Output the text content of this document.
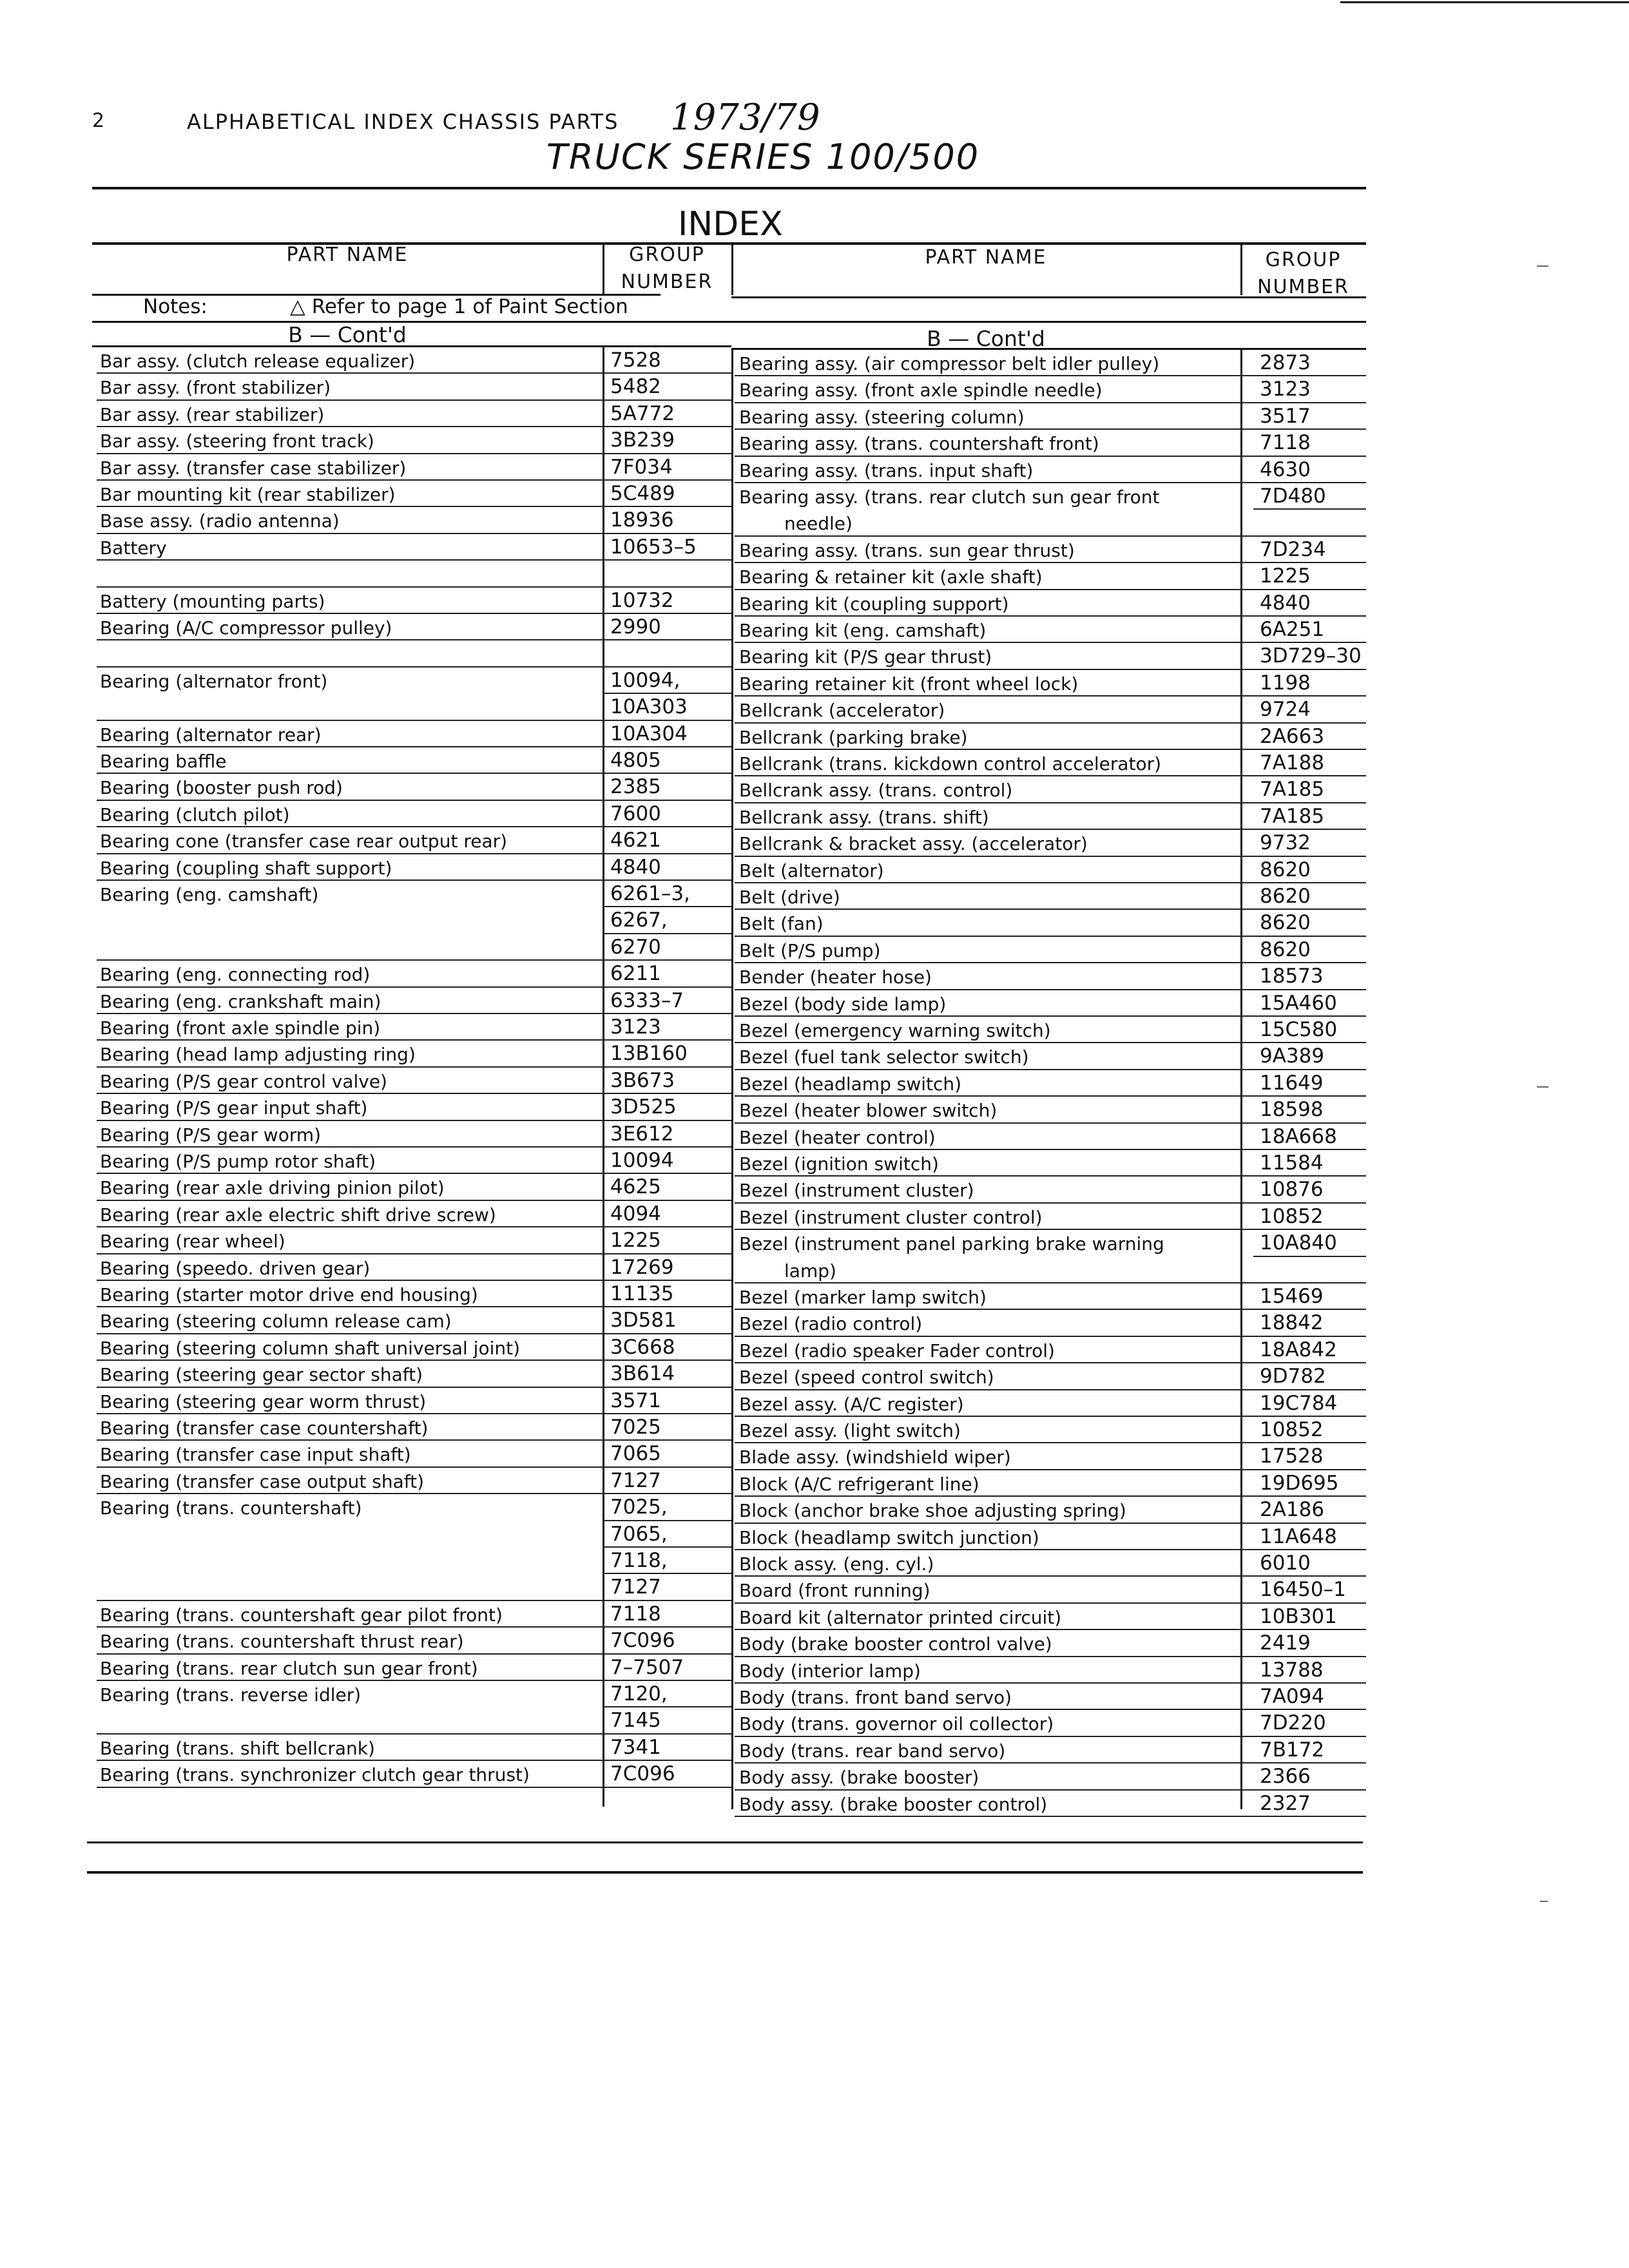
2	ALPHABETICAL INDEX CHASSIS PARTS 1973/79
TRUCK SERIES 100/500
INDEX
PART NAME	GROUP
NUMBER
PART NAME	GROUP
NUMBER
Notes:	△ Refer to page 1 of Paint Section
B — Cont'd	B — Cont'd
Bar assy. (clutch release equalizer)	7528
Bar assy. (front stabilizer)	5482
Bar assy. (rear stabilizer)	5A772
Bar assy. (steering front track)	3B239
Bar assy. (transfer case stabilizer)	7F034
Bar mounting kit (rear stabilizer)	5C489
Base assy. (radio antenna)	18936
Battery	10653–5
Battery (mounting parts)	10732
Bearing (A/C compressor pulley)	2990
Bearing (alternator front)	10094,
10A303
Bearing (alternator rear)	10A304
Bearing baffle	4805
Bearing (booster push rod)	2385
Bearing (clutch pilot)	7600
Bearing cone (transfer case rear output rear)	4621
Bearing (coupling shaft support)	4840
Bearing (eng. camshaft)	6261–3,
6267,
6270
Bearing (eng. connecting rod)	6211
Bearing (eng. crankshaft main)	6333–7
Bearing (front axle spindle pin)	3123
Bearing (head lamp adjusting ring)	13B160
Bearing (P/S gear control valve)	3B673
Bearing (P/S gear input shaft)	3D525
Bearing (P/S gear worm)	3E612
Bearing (P/S pump rotor shaft)	10094
Bearing (rear axle driving pinion pilot)	4625
Bearing (rear axle electric shift drive screw)	4094
Bearing (rear wheel)	1225
Bearing (speedo. driven gear)	17269
Bearing (starter motor drive end housing)	11135
Bearing (steering column release cam)	3D581
Bearing (steering column shaft universal joint)	3C668
Bearing (steering gear sector shaft)	3B614
Bearing (steering gear worm thrust)	3571
Bearing (transfer case countershaft)	7025
Bearing (transfer case input shaft)	7065
Bearing (transfer case output shaft)	7127
Bearing (trans. countershaft)	7025,
7065,
7118,
7127
Bearing (trans. countershaft gear pilot front)	7118
Bearing (trans. countershaft thrust rear)	7C096
Bearing (trans. rear clutch sun gear front)	7–7507
Bearing (trans. reverse idler)	7120,
7145
Bearing (trans. shift bellcrank)	7341
Bearing (trans. synchronizer clutch gear thrust)	7C096
Bearing assy. (air compressor belt idler pulley)	2873
Bearing assy. (front axle spindle needle)	3123
Bearing assy. (steering column)	3517
Bearing assy. (trans. countershaft front)	7118
Bearing assy. (trans. input shaft)	4630
Bearing assy. (trans. rear clutch sun gear front	7D480
needle)
Bearing assy. (trans. sun gear thrust)	7D234
Bearing & retainer kit (axle shaft)	1225
Bearing kit (coupling support)	4840
Bearing kit (eng. camshaft)	6A251
Bearing kit (P/S gear thrust)	3D729–30
Bearing retainer kit (front wheel lock)	1198
Bellcrank (accelerator)	9724
Bellcrank (parking brake)	2A663
Bellcrank (trans. kickdown control accelerator)	7A188
Bellcrank assy. (trans. control)	7A185
Bellcrank assy. (trans. shift)	7A185
Bellcrank & bracket assy. (accelerator)	9732
Belt (alternator)	8620
Belt (drive)	8620
Belt (fan)	8620
Belt (P/S pump)	8620
Bender (heater hose)	18573
Bezel (body side lamp)	15A460
Bezel (emergency warning switch)	15C580
Bezel (fuel tank selector switch)	9A389
Bezel (headlamp switch)	11649
Bezel (heater blower switch)	18598
Bezel (heater control)	18A668
Bezel (ignition switch)	11584
Bezel (instrument cluster)	10876
Bezel (instrument cluster control)	10852
Bezel (instrument panel parking brake warning	10A840
lamp)
Bezel (marker lamp switch)	15469
Bezel (radio control)	18842
Bezel (radio speaker Fader control)	18A842
Bezel (speed control switch)	9D782
Bezel assy. (A/C register)	19C784
Bezel assy. (light switch)	10852
Blade assy. (windshield wiper)	17528
Block (A/C refrigerant line)	19D695
Block (anchor brake shoe adjusting spring)	2A186
Block (headlamp switch junction)	11A648
Block assy. (eng. cyl.)	6010
Board (front running)	16450–1
Board kit (alternator printed circuit)	10B301
Body (brake booster control valve)	2419
Body (interior lamp)	13788
Body (trans. front band servo)	7A094
Body (trans. governor oil collector)	7D220
Body (trans. rear band servo)	7B172
Body assy. (brake booster)	2366
Body assy. (brake booster control)	2327
